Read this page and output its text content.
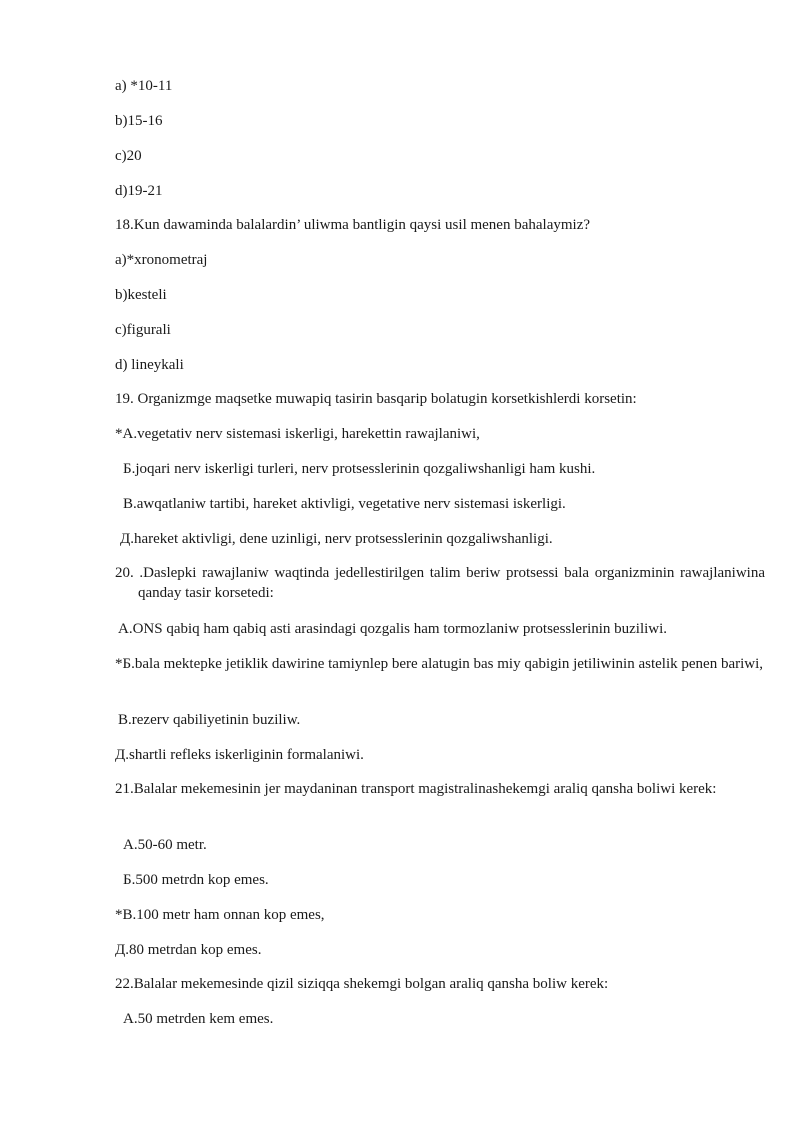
a) *10-11
b)15-16
c)20
d)19-21
18.Kun dawaminda balalardin’ uliwma bantligin qaysi usil menen bahalaymiz?
a)*xronometraj
b)kesteli
c)figurali
d) lineykali
19. Organizmge maqsetke muwapiq tasirin basqarip bolatugin korsetkishlerdi korsetin:
*A.vegetativ nerv sistemasi iskerligi, harekettin rawajlaniwi,
Б.joqari nerv iskerligi turleri, nerv protsesslerinin qozgaliwshanligi ham kushi.
В.awqatlaniw tartibi, hareket aktivligi, vegetative nerv sistemasi iskerligi.
Д.hareket aktivligi, dene uzinligi, nerv protsesslerinin qozgaliwshanligi.
20. .Daslepki rawajlaniw waqtinda jedellestirilgen talim beriw protsessi bala organizminin rawajlaniwina qanday tasir korsetedi:
A.ONS qabiq ham qabiq asti arasindagi qozgalis ham tormozlaniw protsesslerinin buziliwi.
*Б.bala mektepke jetiklik dawirine tamiynlep bere alatugin bas miy qabigin jetiliwinin astelik penen bariwi,
В.rezerv qabiliyetinin buziliw.
Д.shartli refleks iskerliginin formalaniwi.
21.Balalar mekemesinin jer maydaninan transport magistralinashekemgi araliq qansha boliwi kerek:
A.50-60 metr.
Б.500 metrdn kop emes.
*В.100 metr ham onnan kop emes,
Д.80 metrdan kop emes.
22.Balalar mekemesinde qizil siziqqa shekemgi bolgan araliq qansha boliw kerek:
A.50 metrden kem emes.
